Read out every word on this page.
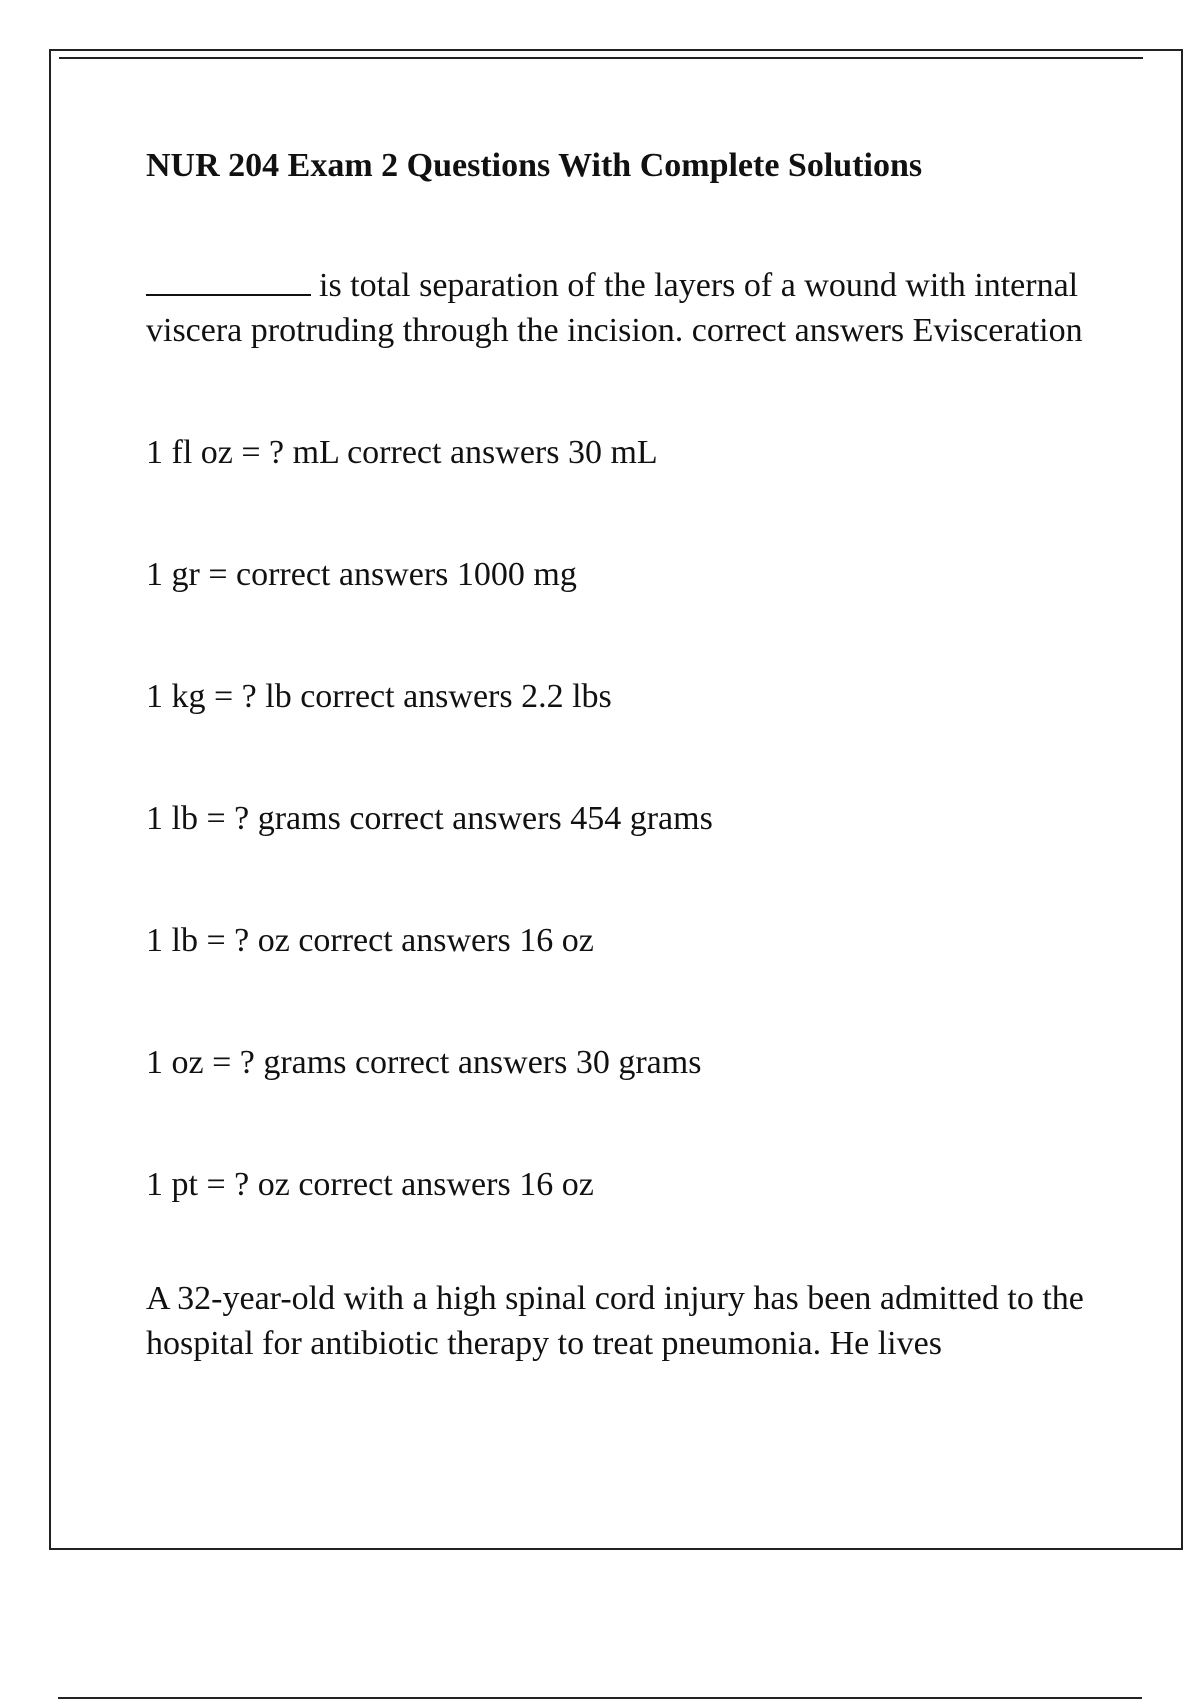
NUR 204 Exam 2 Questions With Complete Solutions

is total separation of the layers of a wound with internal viscera protruding through the incision. correct answers Evisceration

1 fl oz = ? mL correct answers 30 mL

1 gr = correct answers 1000 mg

1 kg = ? lb correct answers 2.2 lbs

1 lb = ? grams correct answers 454 grams

1 lb = ? oz correct answers 16 oz

1 oz = ? grams correct answers 30 grams

1 pt = ? oz correct answers 16 oz

A 32-year-old with a high spinal cord injury has been admitted to the hospital for antibiotic therapy to treat pneumonia. He lives
